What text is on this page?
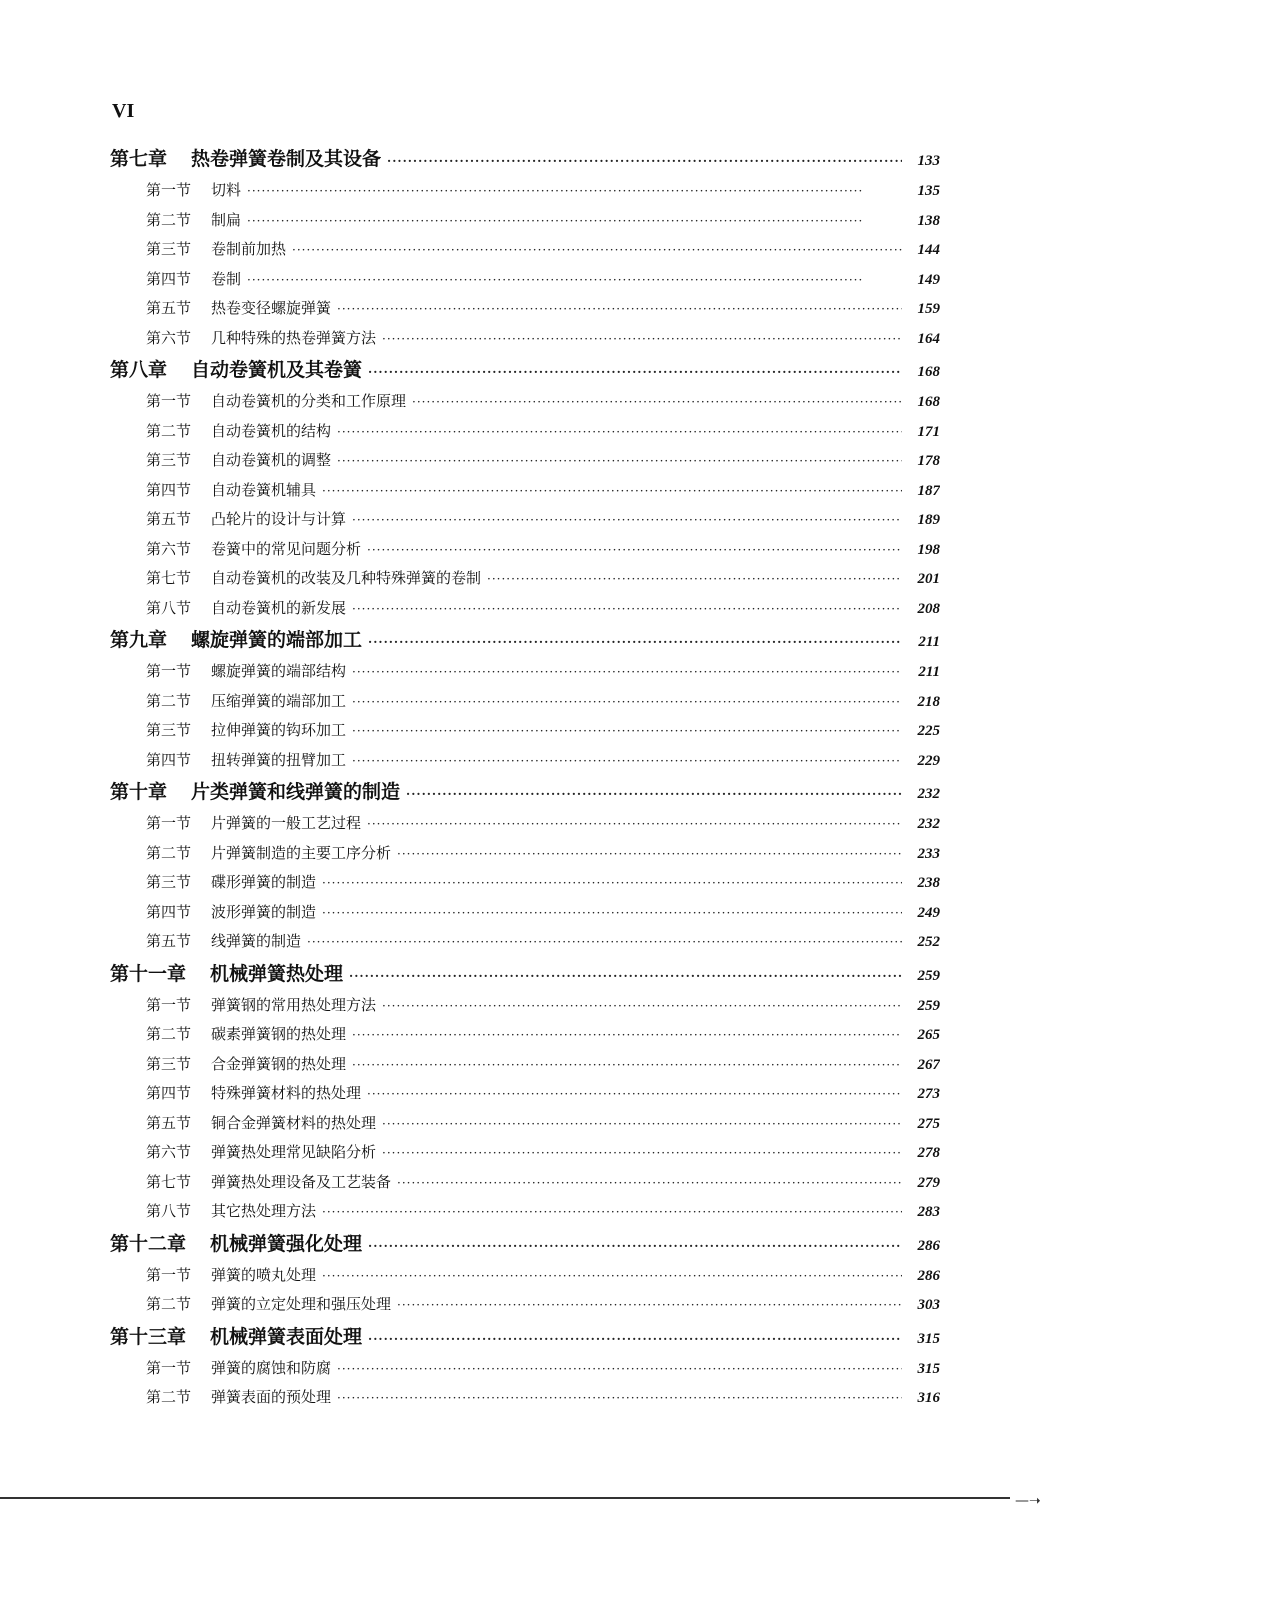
VI
第七章 热卷弹簧卷制及其设备 ·····	133
第一节 切料 ·····	135
第二节 制扁 ·····	138
第三节 卷制前加热 ·····	144
第四节 卷制 ·····	149
第五节 热卷变径螺旋弹簧 ·····	159
第六节 几种特殊的热卷弹簧方法 ·····	164
第八章 自动卷簧机及其卷簧 ·····	168
第一节 自动卷簧机的分类和工作原理 ·····	168
第二节 自动卷簧机的结构 ·····	171
第三节 自动卷簧机的调整 ·····	178
第四节 自动卷簧机辅具 ·····	187
第五节 凸轮片的设计与计算 ·····	189
第六节 卷簧中的常见问题分析 ·····	198
第七节 自动卷簧机的改装及几种特殊弹簧的卷制 ·····	201
第八节 自动卷簧机的新发展 ·····	208
第九章 螺旋弹簧的端部加工 ·····	211
第一节 螺旋弹簧的端部结构 ·····	211
第二节 压缩弹簧的端部加工 ·····	218
第三节 拉伸弹簧的钩环加工 ·····	225
第四节 扭转弹簧的扭臂加工 ·····	229
第十章 片类弹簧和线弹簧的制造 ·····	232
第一节 片弹簧的一般工艺过程 ·····	232
第二节 片弹簧制造的主要工序分析 ·····	233
第三节 碟形弹簧的制造 ·····	238
第四节 波形弹簧的制造 ·····	249
第五节 线弹簧的制造 ·····	252
第十一章 机械弹簧热处理 ·····	259
第一节 弹簧钢的常用热处理方法 ·····	259
第二节 碳素弹簧钢的热处理 ·····	265
第三节 合金弹簧钢的热处理 ·····	267
第四节 特殊弹簧材料的热处理 ·····	273
第五节 铜合金弹簧材料的热处理 ·····	275
第六节 弹簧热处理常见缺陷分析 ·····	278
第七节 弹簧热处理设备及工艺装备 ·····	279
第八节 其它热处理方法 ·····	283
第十二章 机械弹簧强化处理 ·····	286
第一节 弹簧的喷丸处理 ·····	286
第二节 弹簧的立定处理和强压处理 ·····	303
第十三章 机械弹簧表面处理 ·····	315
第一节 弹簧的腐蚀和防腐 ·····	315
第二节 弹簧表面的预处理 ·····	316
—➝
